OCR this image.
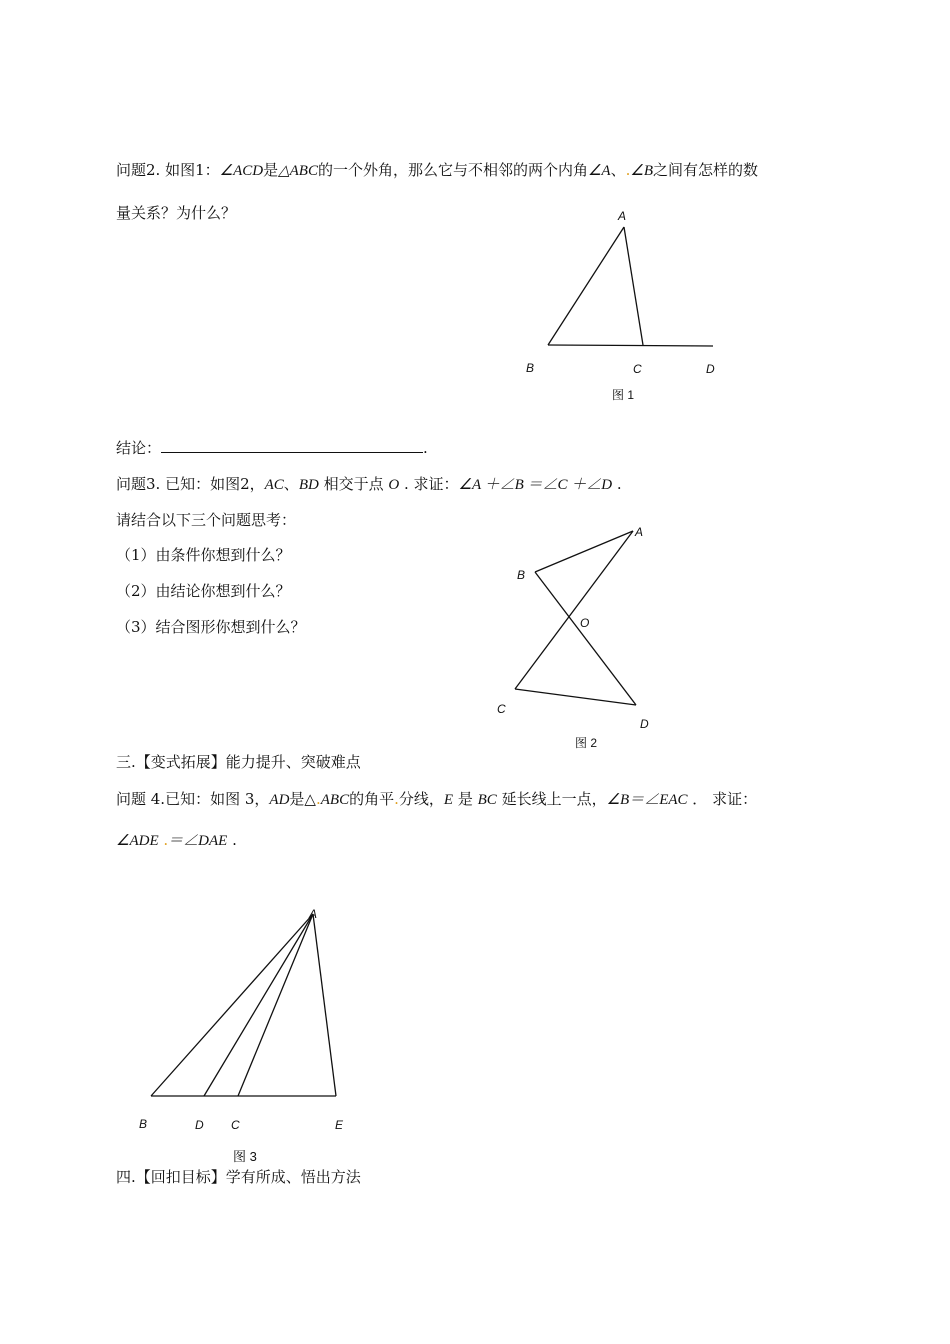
问题2. 如图1：∠ACD是△ABC的一个外角，那么它与不相邻的两个内角∠A、.∠B之间有怎样的数
量关系？为什么？	A
B	C	D
图 1
A
B
O
C
D
图 2
A
B	D C	E
图 3
结论：	.
问题3. 已知：如图2，AC、BD 相交于点 O . 求证：∠A ＋∠B ＝∠C ＋∠D .
请结合以下三个问题思考：
（1）由条件你想到什么？
（2）由结论你想到什么？
（3）结合图形你想到什么？
三.【变式拓展】能力提升、突破难点
问题 4.已知：如图 3，AD是△.ABC的角平.分线，E 是 BC 延长线上一点，∠B＝∠EAC ． 求证：
∠ADE .＝∠DAE .
四.【回扣目标】学有所成、悟出方法
